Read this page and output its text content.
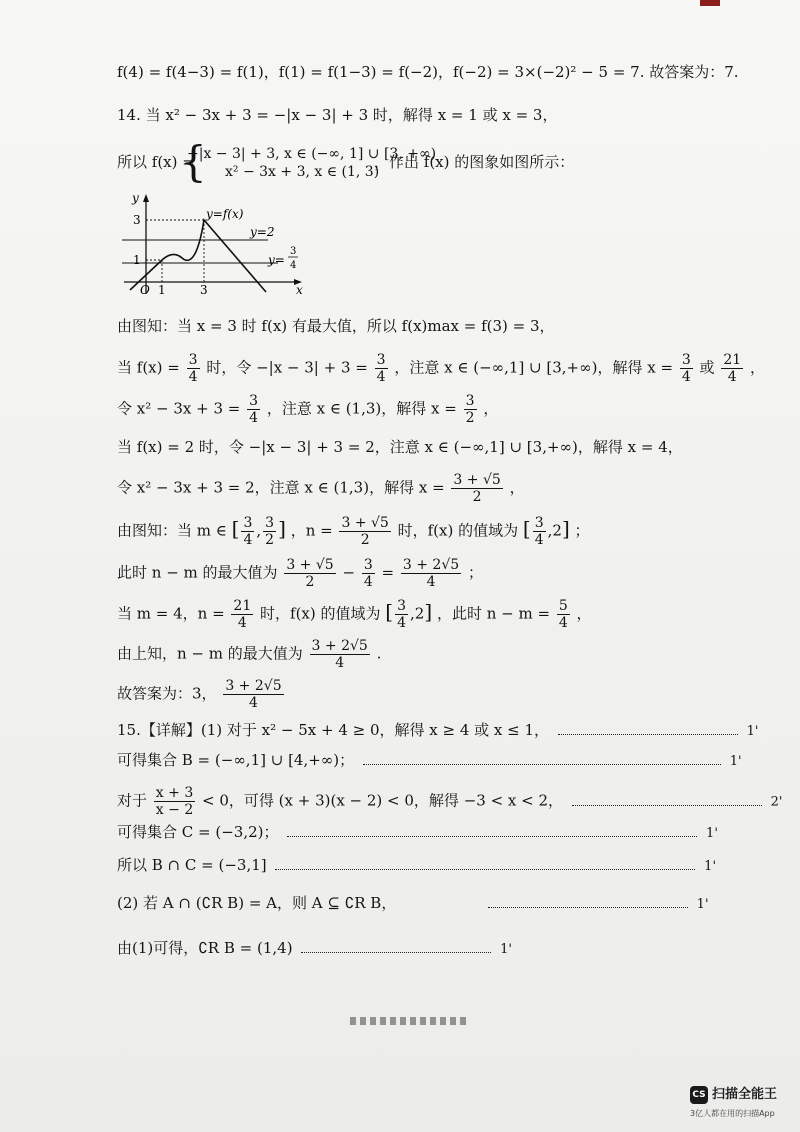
f(4) = f(4−3) = f(1)，f(1) = f(1−3) = f(−2)，f(−2) = 3×(−2)² − 5 = 7. 故答案为：7.
14. 当 x² − 3x + 3 = −|x − 3| + 3 时，解得 x = 1 或 x = 3，
所以 f(x) =
{
−|x − 3| + 3, x ∈ (−∞, 1] ∪ [3, +∞)
x² − 3x + 3, x ∈ (1, 3)
，作出 f(x) 的图象如图所示：
y
x
O 1	3
3
1
y=f(x)
y=2
y=
3
4
由图知：当 x = 3 时 f(x) 有最大值，所以 f(x)max = f(3) = 3，
当 $f(x) = \frac{3}{4}$ 时，令 $-|x - 3| + 3 = \frac{3}{4}$ ，注意 x ∈ (−∞,1] ∪ [3,+∞)，解得 $x = \frac{3}{4}$ 或 $\frac{21}{4}$ ，
令 $x^2 - 3x + 3 = \frac{3}{4}$ ，注意 x ∈ (1,3)，解得 $x = \frac{3}{2}$ ，
当 f(x) = 2 时，令 −|x − 3| + 3 = 2，注意 x ∈ (−∞,1] ∪ [3,+∞)，解得 x = 4，
令 x² − 3x + 3 = 2，注意 x ∈ (1,3)，解得 $x = \frac{3 + √5}{2}$ ，
由图知：当 m ∈ [ $\frac{3}{4}$ , $\frac{3}{2}$ ] ，$n = \frac{3 + √5}{2}$ 时，f(x) 的值域为 [ $\frac{3}{4} ,2$] ；
此时 n − m 的最大值为 $\frac{3 + √5}{2} - \frac{3}{4} = \frac{3 + 2√5}{4}$ ；
当 m = 4，$n = \frac{21}{4}$ 时，f(x) 的值域为 [ $\frac{3}{4} ,2$] ，此时 $n - m = \frac{5}{4}$ ，
由上知，n − m 的最大值为 $\frac{3 + 2√5}{4}$ .
故答案为：3， $\frac{3 + 2√5}{4}$
15.【详解】(1) 对于 x² − 5x + 4 ≥ 0，解得 x ≥ 4 或 x ≤ 1，	1'
可得集合 B = (−∞,1] ∪ [4,+∞)；	1'
对于 $\frac{x + 3}{x - 2} < 0$，可得 (x + 3)(x − 2) < 0，解得 −3 < x < 2，	2'
可得集合 C = (−3,2)；	1'
所以 B ∩ C = (−3,1]	1'
(2) 若 A ∩ (∁R B) = A，则 A ⊆ ∁R B，	1'
由(1)可得，∁R B = (1,4)	1'
CS 扫描全能王
3亿人都在用的扫描App
